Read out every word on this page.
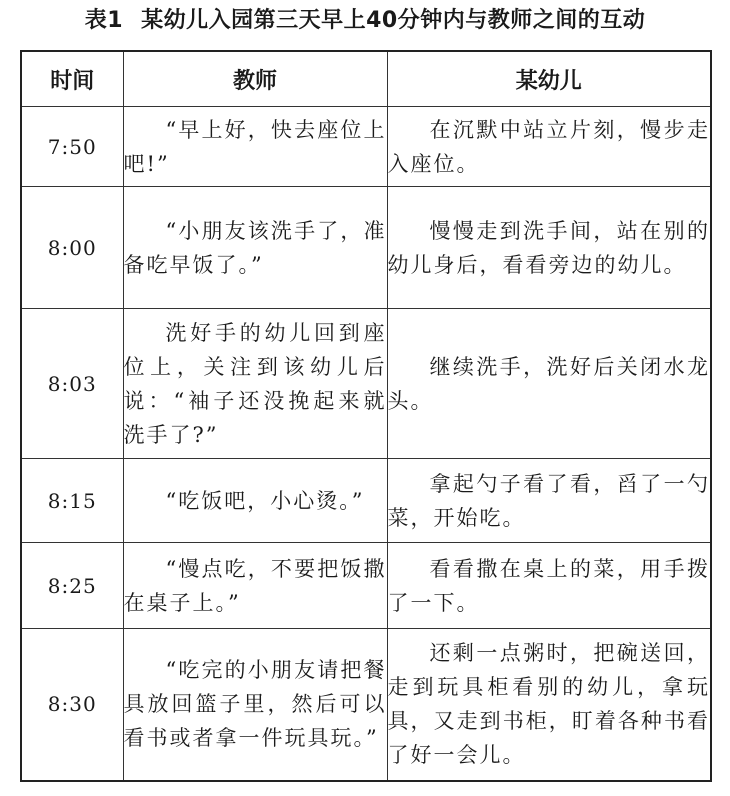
表1 某幼儿入园第三天早上40分钟内与教师之间的互动
时间	教师	某幼儿
7:50	“早上好，快去座位上吧!”	在沉默中站立片刻，慢步走入座位。
8:00	“小朋友该洗手了，准备吃早饭了。”	慢慢走到洗手间，站在别的幼儿身后，看看旁边的幼儿。
8:03	洗好手的幼儿回到座位上，关注到该幼儿后说：“袖子还没挽起来就洗手了?”	继续洗手，洗好后关闭水龙头。
8:15	“吃饭吧，小心烫。”	拿起勺子看了看，舀了一勺菜，开始吃。
8:25	“慢点吃，不要把饭撒在桌子上。”	看看撒在桌上的菜，用手拨了一下。
8:30	“吃完的小朋友请把餐具放回篮子里，然后可以看书或者拿一件玩具玩。”	还剩一点粥时，把碗送回，走到玩具柜看别的幼儿，拿玩具，又走到书柜，盯着各种书看了好一会儿。
